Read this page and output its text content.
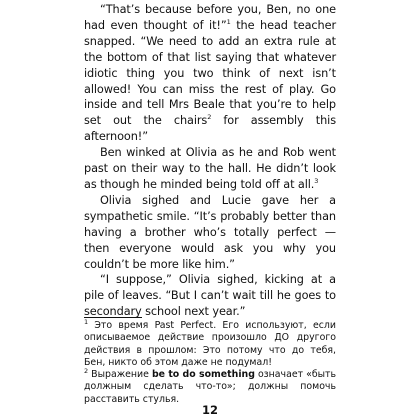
“That’s because before you, Ben, no one had even thought of it!”$^1$ the head teacher snapped. “We need to add an extra rule at the bottom of that list saying that whatever idiotic thing you two think of next isn’t allowed! You can miss the rest of play. Go inside and tell Mrs Beale that you’re to help set out the chairs$^2$ for assembly this afternoon!”

Ben winked at Olivia as he and Rob went past on their way to the hall. He didn’t look as though he minded being told off at all.$^3$

Olivia sighed and Lucie gave her a sympathetic smile. “It’s probably better than having a brother who’s totally perfect — then everyone would ask you why you couldn’t be more like him.”

“I suppose,” Olivia sighed, kicking at a pile of leaves. “But I can’t wait till he goes to secondary school next year.”

$^1$ Это время Past Perfect. Его используют, если описываемое действие произошло ДО другого действия в прошлом: Это потому что до тебя, Бен, никто об этом даже не подумал!

$^2$ Выражение be to do something означает «быть должным сделать что-то»; должны помочь расставить стулья.

12
